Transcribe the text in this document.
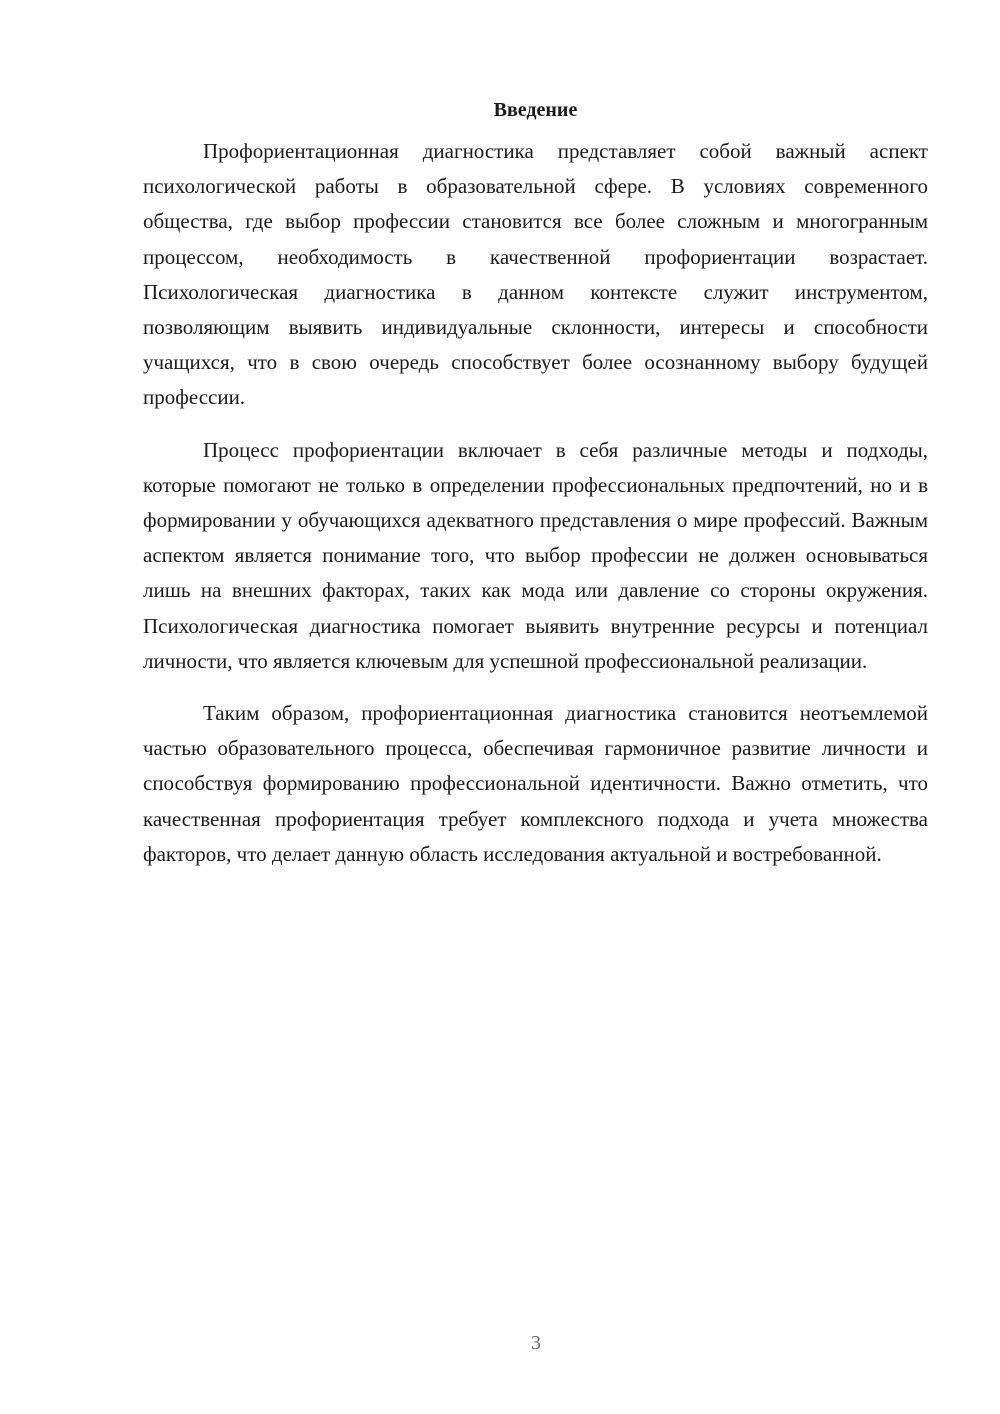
Введение

Профориентационная диагностика представляет собой важный аспект психологической работы в образовательной сфере. В условиях современного общества, где выбор профессии становится все более сложным и многогранным процессом, необходимость в качественной профориентации возрастает. Психологическая диагностика в данном контексте служит инструментом, позволяющим выявить индивидуальные склонности, интересы и способности учащихся, что в свою очередь способствует более осознанному выбору будущей профессии.

Процесс профориентации включает в себя различные методы и подходы, которые помогают не только в определении профессиональных предпочтений, но и в формировании у обучающихся адекватного представления о мире профессий. Важным аспектом является понимание того, что выбор профессии не должен основываться лишь на внешних факторах, таких как мода или давление со стороны окружения. Психологическая диагностика помогает выявить внутренние ресурсы и потенциал личности, что является ключевым для успешной профессиональной реализации.

Таким образом, профориентационная диагностика становится неотъемлемой частью образовательного процесса, обеспечивая гармоничное развитие личности и способствуя формированию профессиональной идентичности. Важно отметить, что качественная профориентация требует комплексного подхода и учета множества факторов, что делает данную область исследования актуальной и востребованной.

3
